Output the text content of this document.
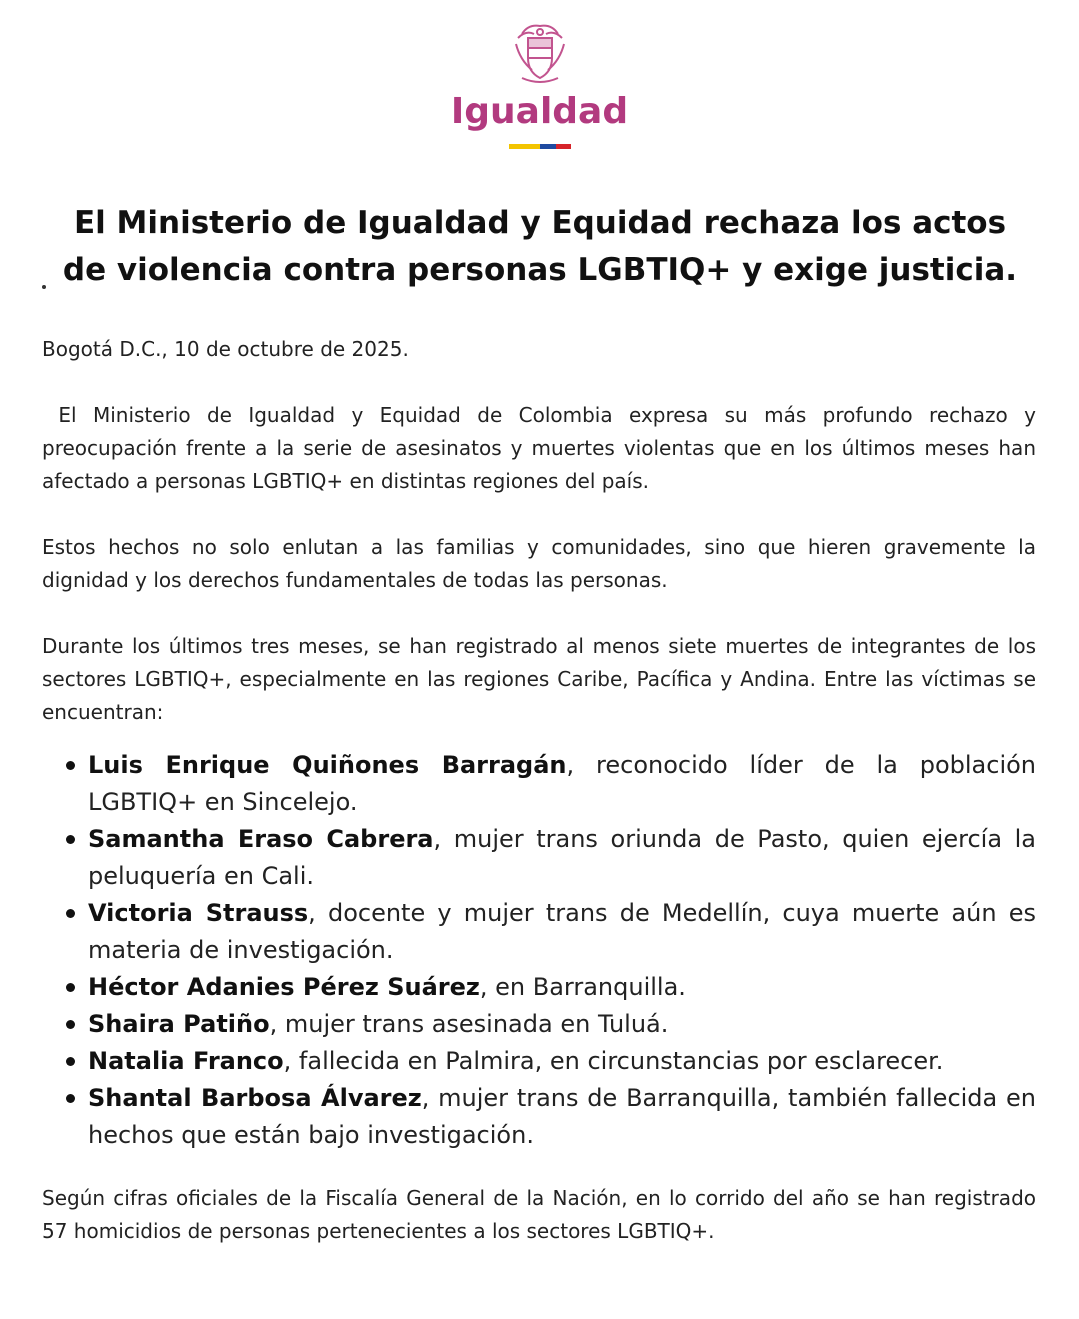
Igualdad
El Ministerio de Igualdad y Equidad rechaza los actos
de violencia contra personas LGBTIQ+ y exige justicia.

Bogotá D.C., 10 de octubre de 2025.

El Ministerio de Igualdad y Equidad de Colombia expresa su más profundo rechazo y preocupación frente a la serie de asesinatos y muertes violentas que en los últimos meses han afectado a personas LGBTIQ+ en distintas regiones del país.

Estos hechos no solo enlutan a las familias y comunidades, sino que hieren gravemente la dignidad y los derechos fundamentales de todas las personas.

Durante los últimos tres meses, se han registrado al menos siete muertes de integrantes de los sectores LGBTIQ+, especialmente en las regiones Caribe, Pacífica y Andina. Entre las víctimas se encuentran:

Luis Enrique Quiñones Barragán, reconocido líder de la población LGBTIQ+ en Sincelejo.
Samantha Eraso Cabrera, mujer trans oriunda de Pasto, quien ejercía la peluquería en Cali.
Victoria Strauss, docente y mujer trans de Medellín, cuya muerte aún es materia de investigación.
Héctor Adanies Pérez Suárez, en Barranquilla.
Shaira Patiño, mujer trans asesinada en Tuluá.
Natalia Franco, fallecida en Palmira, en circunstancias por esclarecer.
Shantal Barbosa Álvarez, mujer trans de Barranquilla, también fallecida en hechos que están bajo investigación.

Según cifras oficiales de la Fiscalía General de la Nación, en lo corrido del año se han registrado 57 homicidios de personas pertenecientes a los sectores LGBTIQ+.
